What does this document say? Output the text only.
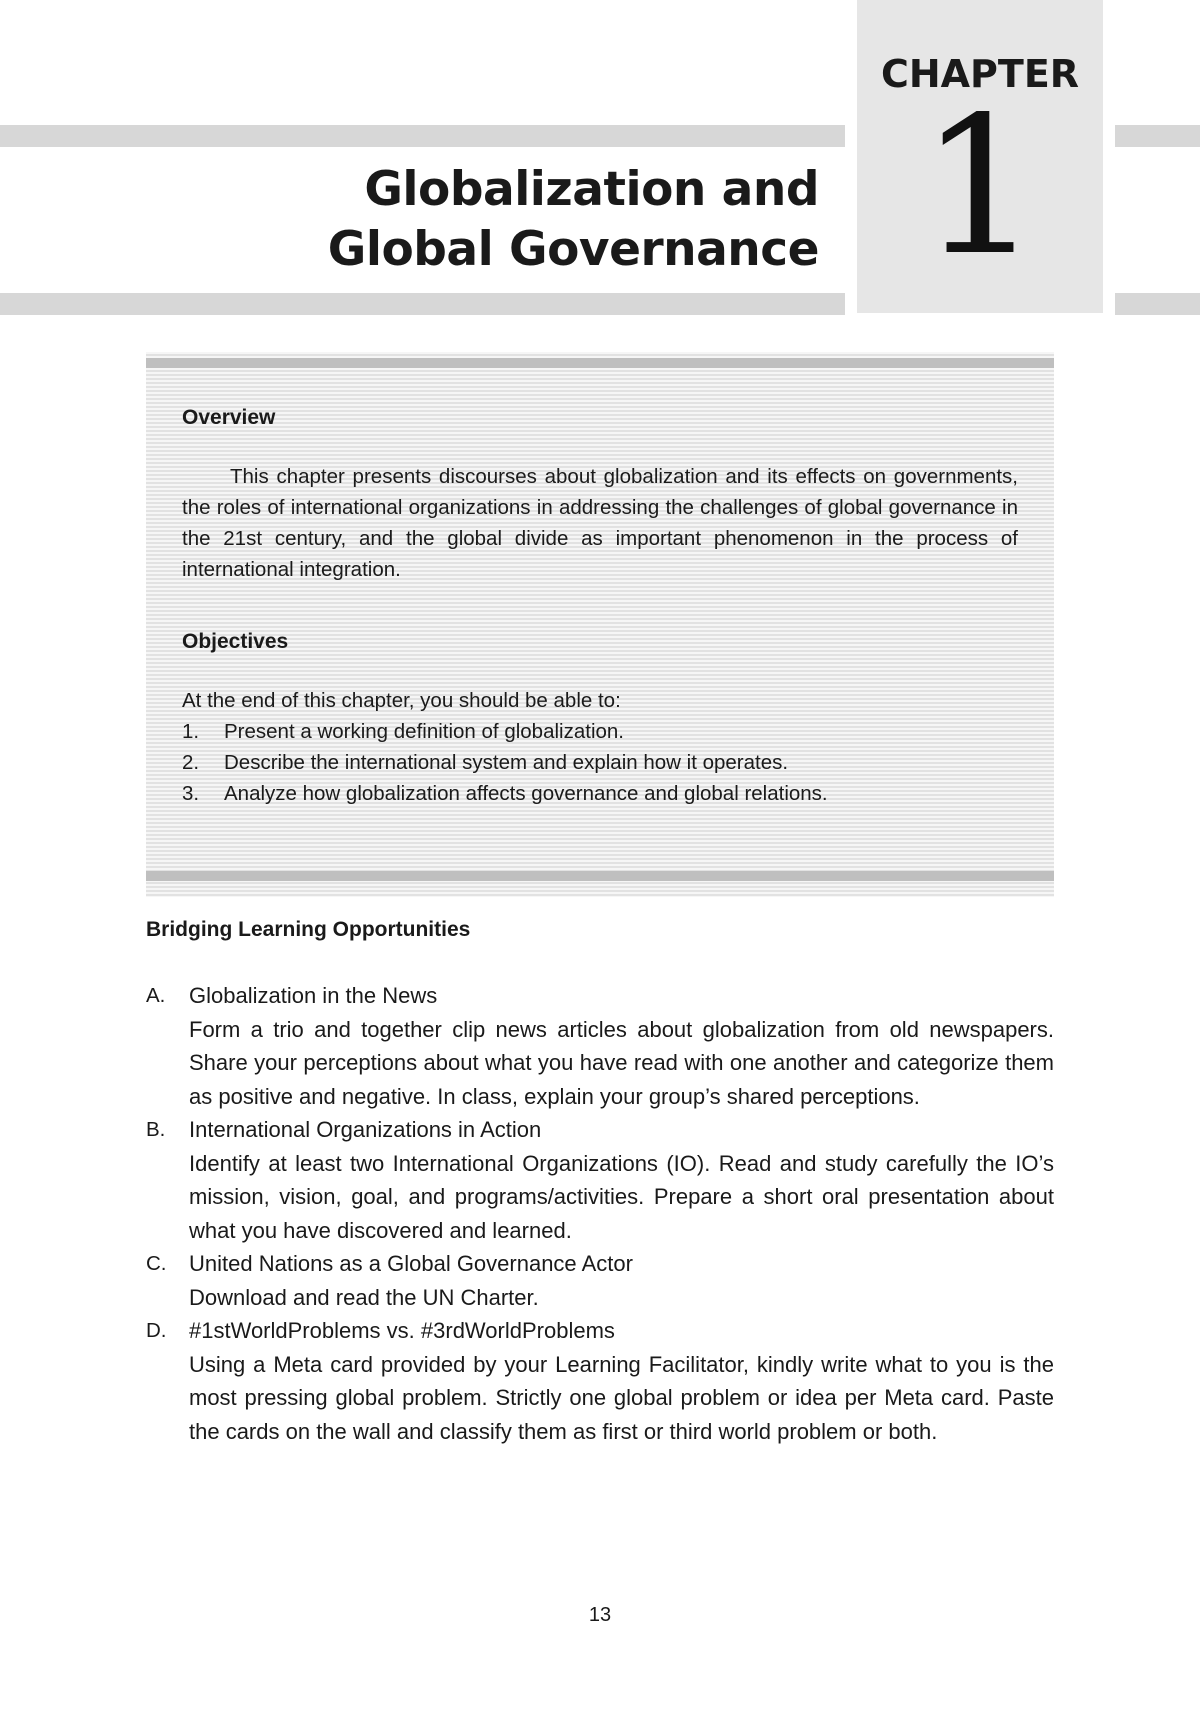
CHAPTER
1
Globalization and
Global Governance

Overview

This chapter presents discourses about globalization and its effects on governments, the roles of international organizations in addressing the challenges of global governance in the 21st century, and the global divide as important phenomenon in the process of international integration.

Objectives

At the end of this chapter, you should be able to:

1.	Present a working definition of globalization.
2.	Describe the international system and explain how it operates.
3.	Analyze how globalization affects governance and global relations.

Bridging Learning Opportunities

A.	Globalization in the News

Form a trio and together clip news articles about globalization from old newspapers. Share your perceptions about what you have read with one another and categorize them as positive and negative. In class, explain your group’s shared perceptions.

B.	International Organizations in Action

Identify at least two International Organizations (IO). Read and study carefully the IO’s mission, vision, goal, and programs/activities. Prepare a short oral presentation about what you have discovered and learned.

C.	United Nations as a Global Governance Actor

Download and read the UN Charter.

D.	#1stWorldProblems vs. #3rdWorldProblems

Using a Meta card provided by your Learning Facilitator, kindly write what to you is the most pressing global problem. Strictly one global problem or idea per Meta card. Paste the cards on the wall and classify them as first or third world problem or both.

13
